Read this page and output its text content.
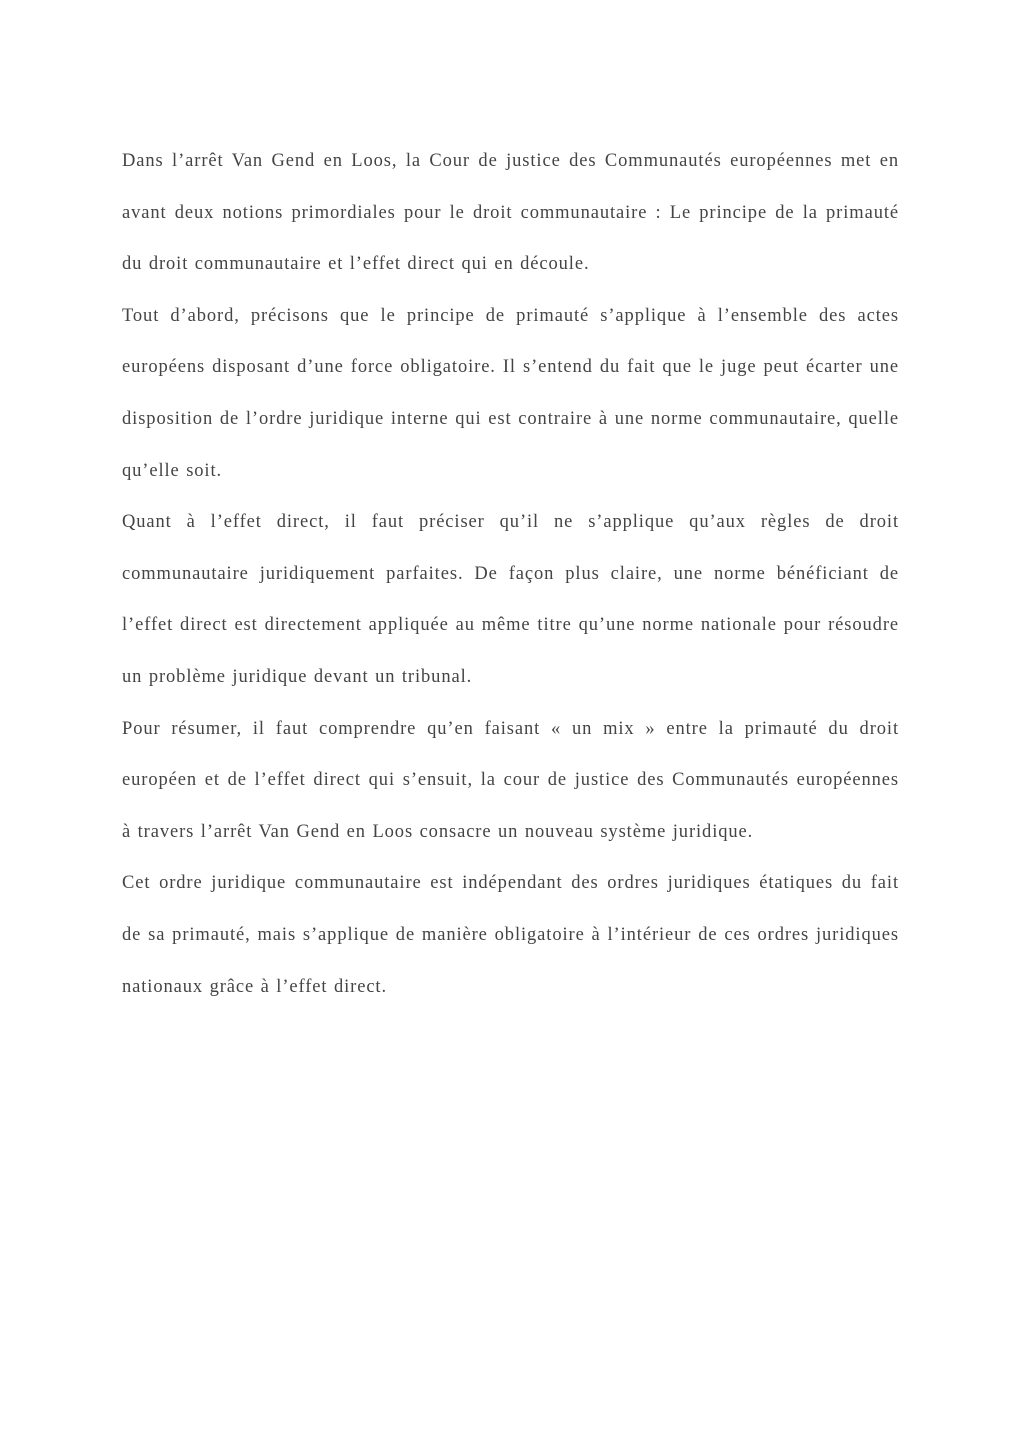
Dans l’arrêt Van Gend en Loos, la Cour de justice des Communautés européennes met en avant deux notions primordiales pour le droit communautaire : Le principe de la primauté du droit communautaire et l’effet direct qui en découle.

Tout d’abord, précisons que le principe de primauté s’applique à l’ensemble des actes européens disposant d’une force obligatoire. Il s’entend du fait que le juge peut écarter une disposition de l’ordre juridique interne qui est contraire à une norme communautaire, quelle qu’elle soit.

Quant à l’effet direct, il faut préciser qu’il ne s’applique qu’aux règles de droit communautaire juridiquement parfaites. De façon plus claire, une norme bénéficiant de l’effet direct est directement appliquée au même titre qu’une norme nationale pour résoudre un problème juridique devant un tribunal.

Pour résumer, il faut comprendre qu’en faisant « un mix » entre la primauté du droit européen et de l’effet direct qui s’ensuit, la cour de justice des Communautés européennes à travers l’arrêt Van Gend en Loos consacre un nouveau système juridique.

Cet ordre juridique communautaire est indépendant des ordres juridiques étatiques du fait de sa primauté, mais s’applique de manière obligatoire à l’intérieur de ces ordres juridiques nationaux grâce à l’effet direct.
